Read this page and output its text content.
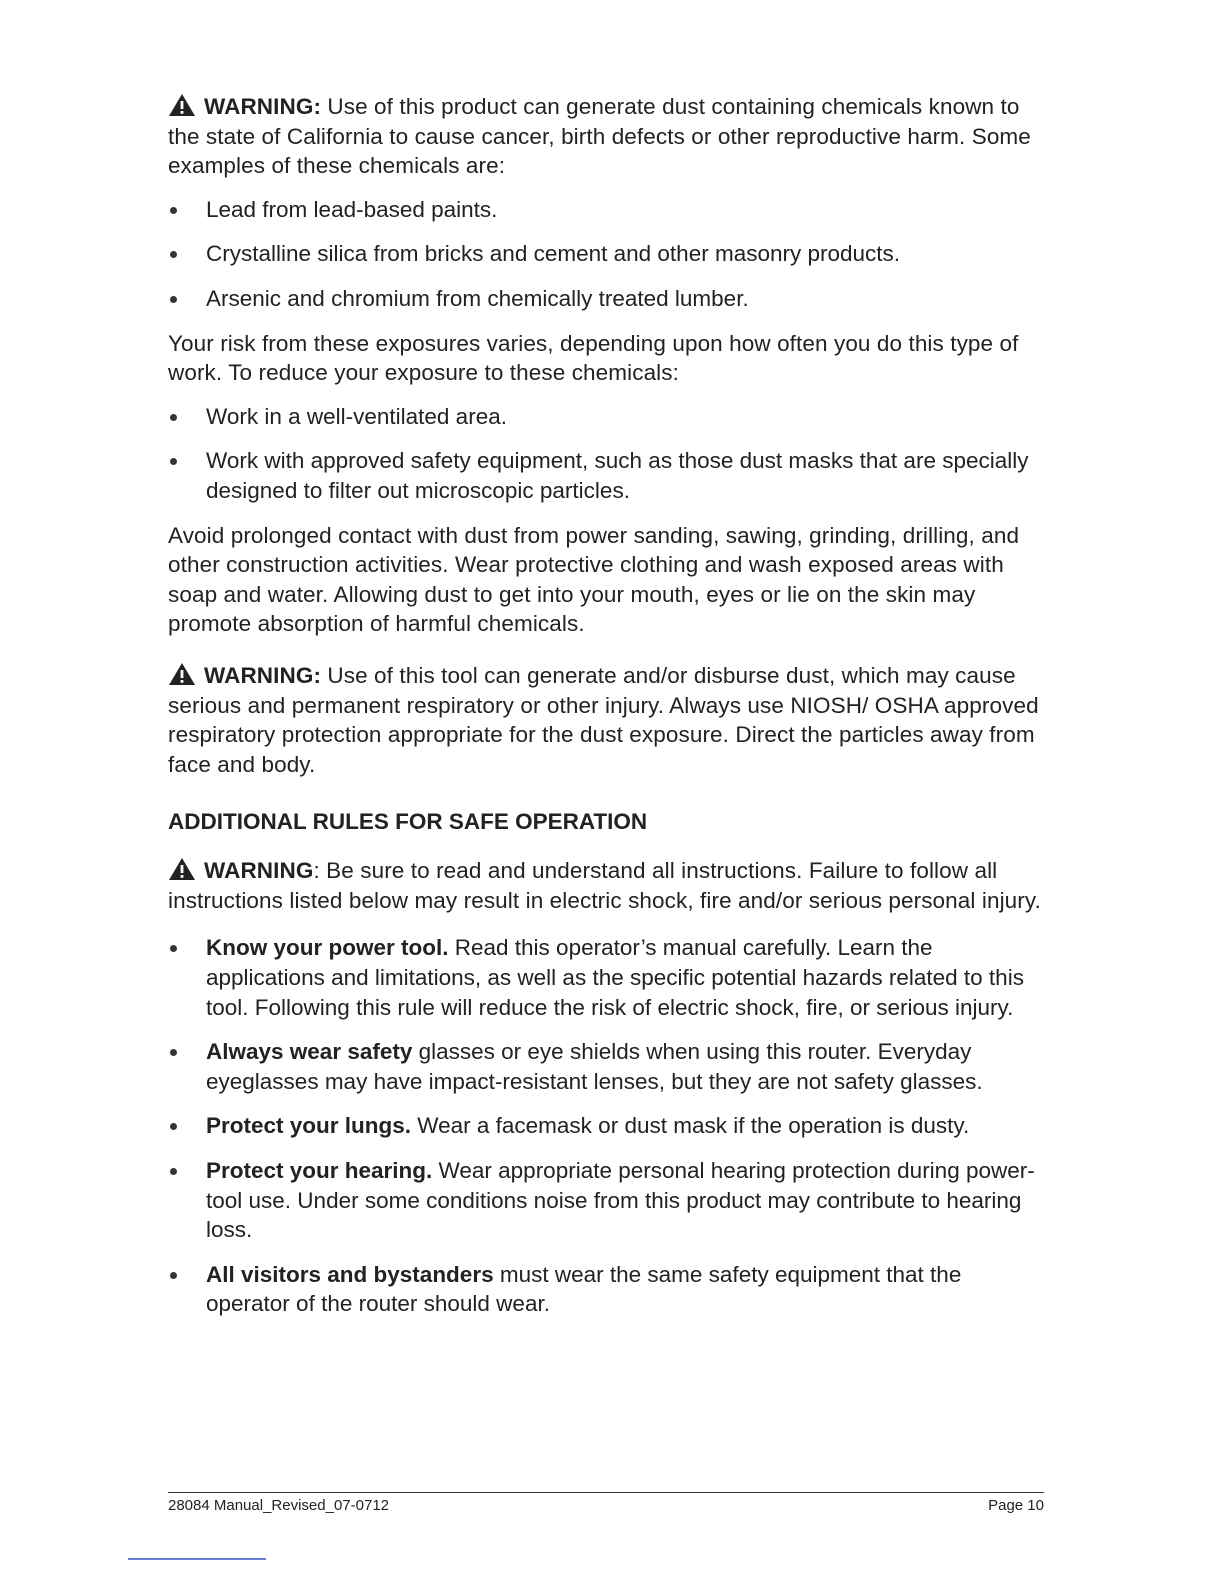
WARNING: Use of this product can generate dust containing chemicals known to the state of California to cause cancer, birth defects or other reproductive harm. Some examples of these chemicals are:

Lead from lead-based paints.
Crystalline silica from bricks and cement and other masonry products.
Arsenic and chromium from chemically treated lumber.

Your risk from these exposures varies, depending upon how often you do this type of work. To reduce your exposure to these chemicals:

Work in a well-ventilated area.
Work with approved safety equipment, such as those dust masks that are specially designed to filter out microscopic particles.

Avoid prolonged contact with dust from power sanding, sawing, grinding, drilling, and other construction activities. Wear protective clothing and wash exposed areas with soap and water. Allowing dust to get into your mouth, eyes or lie on the skin may promote absorption of harmful chemicals.

WARNING: Use of this tool can generate and/or disburse dust, which may cause serious and permanent respiratory or other injury. Always use NIOSH/ OSHA approved respiratory protection appropriate for the dust exposure. Direct the particles away from face and body.

ADDITIONAL RULES FOR SAFE OPERATION

WARNING: Be sure to read and understand all instructions. Failure to follow all instructions listed below may result in electric shock, fire and/or serious personal injury.

Know your power tool. Read this operator’s manual carefully. Learn the applications and limitations, as well as the specific potential hazards related to this tool. Following this rule will reduce the risk of electric shock, fire, or serious injury.
Always wear safety glasses or eye shields when using this router. Everyday eyeglasses may have impact-resistant lenses, but they are not safety glasses.
Protect your lungs. Wear a facemask or dust mask if the operation is dusty.
Protect your hearing. Wear appropriate personal hearing protection during power-tool use. Under some conditions noise from this product may contribute to hearing loss.
All visitors and bystanders must wear the same safety equipment that the operator of the router should wear.
28084 Manual_Revised_07-0712	Page 10
